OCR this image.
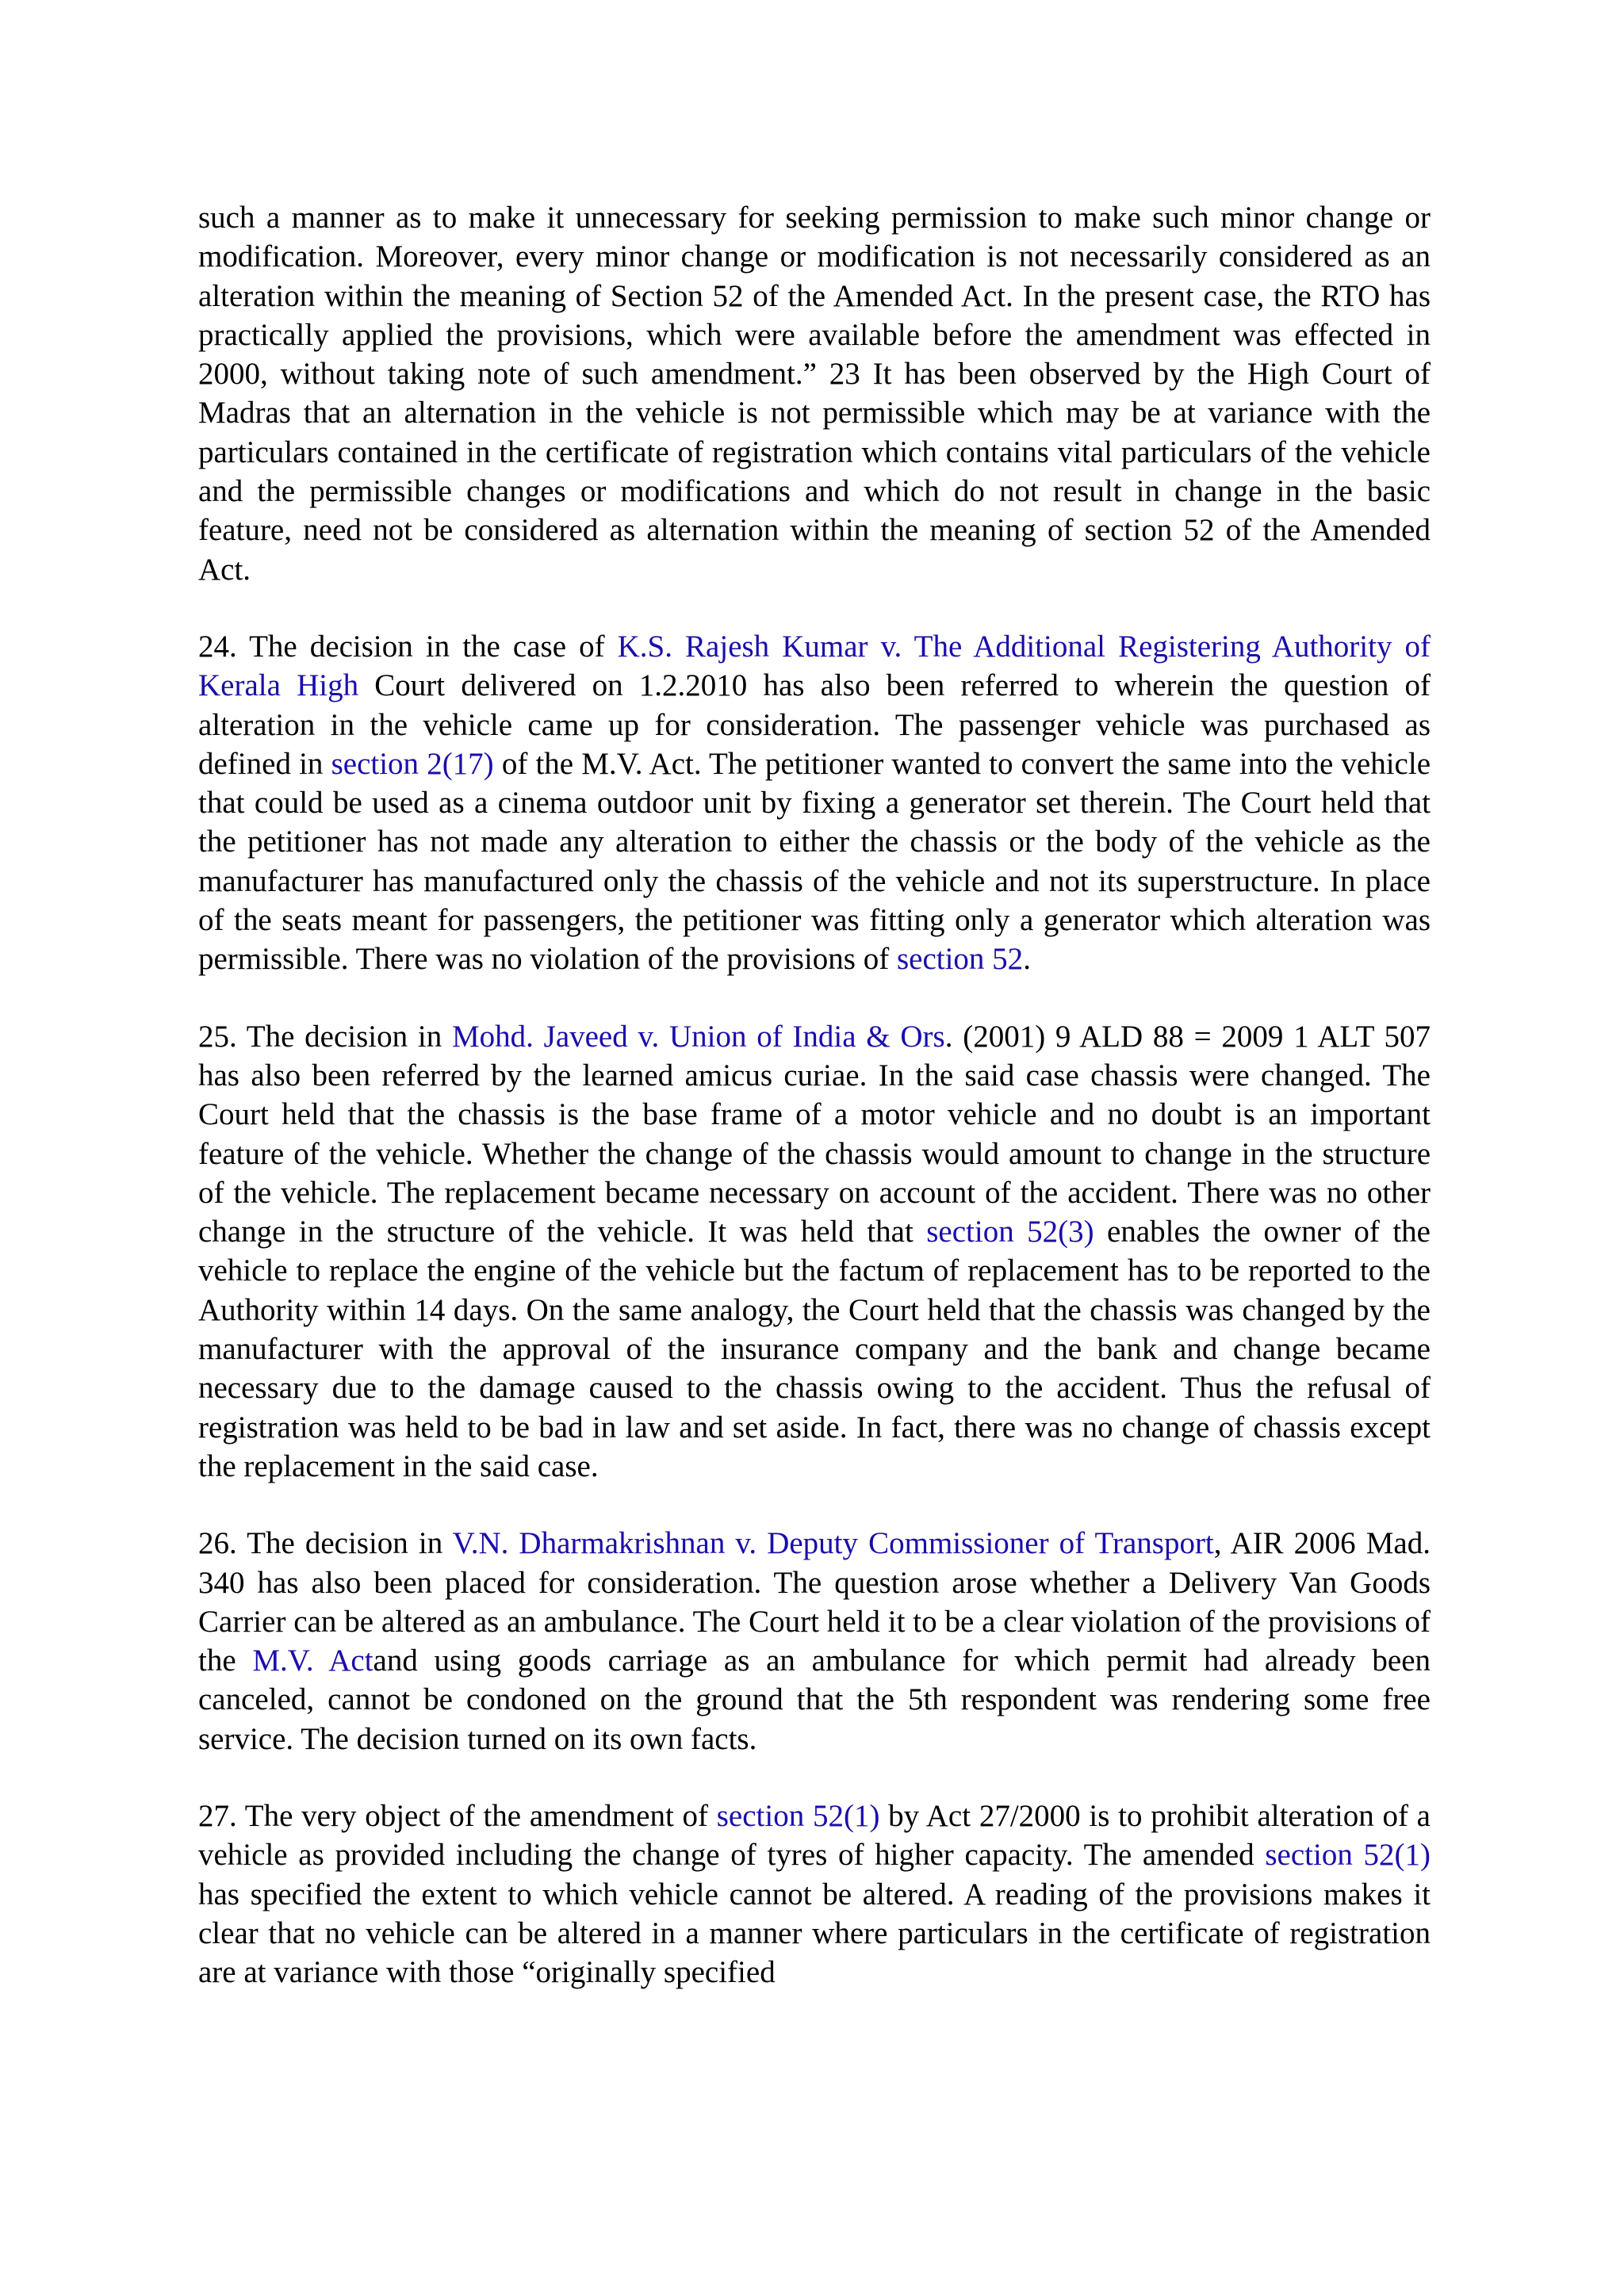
such a manner as to make it unnecessary for seeking permission to make such minor change or modification. Moreover, every minor change or modification is not necessarily considered as an alteration within the meaning of Section 52 of the Amended Act. In the present case, the RTO has practically applied the provisions, which were available before the amendment was effected in 2000, without taking note of such amendment.” 23 It has been observed by the High Court of Madras that an alternation in the vehicle is not permissible which may be at variance with the particulars contained in the certificate of registration which contains vital particulars of the vehicle and the permissible changes or modifications and which do not result in change in the basic feature, need not be considered as alternation within the meaning of section 52 of the Amended Act.

24. The decision in the case of K.S. Rajesh Kumar v. The Additional Registering Authority of Kerala High Court delivered on 1.2.2010 has also been referred to wherein the question of alteration in the vehicle came up for consideration. The passenger vehicle was purchased as defined in section 2(17) of the M.V. Act. The petitioner wanted to convert the same into the vehicle that could be used as a cinema outdoor unit by fixing a generator set therein. The Court held that the petitioner has not made any alteration to either the chassis or the body of the vehicle as the manufacturer has manufactured only the chassis of the vehicle and not its superstructure. In place of the seats meant for passengers, the petitioner was fitting only a generator which alteration was permissible. There was no violation of the provisions of section 52.

25. The decision in Mohd. Javeed v. Union of India & Ors. (2001) 9 ALD 88 = 2009 1 ALT 507 has also been referred by the learned amicus curiae. In the said case chassis were changed. The Court held that the chassis is the base frame of a motor vehicle and no doubt is an important feature of the vehicle. Whether the change of the chassis would amount to change in the structure of the vehicle. The replacement became necessary on account of the accident. There was no other change in the structure of the vehicle. It was held that section 52(3) enables the owner of the vehicle to replace the engine of the vehicle but the factum of replacement has to be reported to the Authority within 14 days. On the same analogy, the Court held that the chassis was changed by the manufacturer with the approval of the insurance company and the bank and change became necessary due to the damage caused to the chassis owing to the accident. Thus the refusal of registration was held to be bad in law and set aside. In fact, there was no change of chassis except the replacement in the said case.

26. The decision in V.N. Dharmakrishnan v. Deputy Commissioner of Transport, AIR 2006 Mad. 340 has also been placed for consideration. The question arose whether a Delivery Van Goods Carrier can be altered as an ambulance. The Court held it to be a clear violation of the provisions of the M.V. Actand using goods carriage as an ambulance for which permit had already been canceled, cannot be condoned on the ground that the 5th respondent was rendering some free service. The decision turned on its own facts.

27. The very object of the amendment of section 52(1) by Act 27/2000 is to prohibit alteration of a vehicle as provided including the change of tyres of higher capacity. The amended section 52(1) has specified the extent to which vehicle cannot be altered. A reading of the provisions makes it clear that no vehicle can be altered in a manner where particulars in the certificate of registration are at variance with those “originally specified
